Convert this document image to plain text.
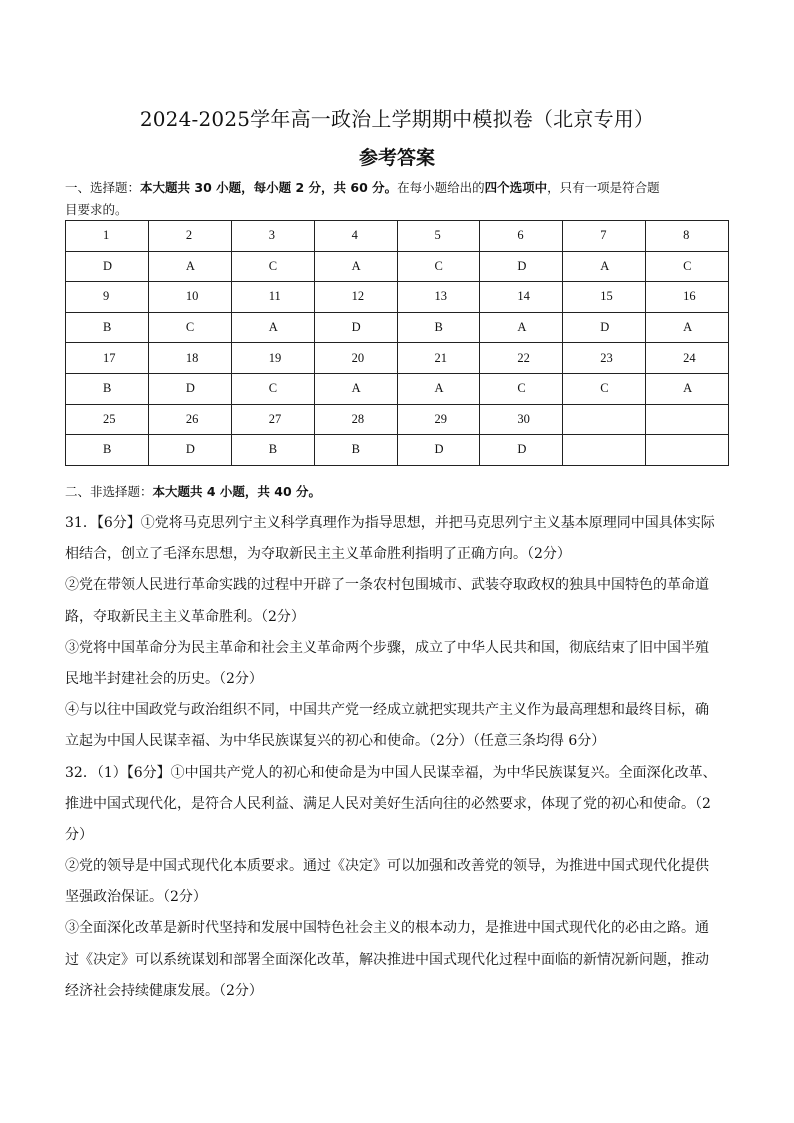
2024-2025学年高一政治上学期期中模拟卷（北京专用）
参考答案
一、选择题：本大题共 30 小题，每小题 2 分，共 60 分。在每小题给出的四个选项中，只有一项是符合题
目要求的。
1	2	3	4	5	6	7	8
D	A	C	A	C	D	A	C
9	10	11	12	13	14	15	16
B	C	A	D	B	A	D	A
17	18	19	20	21	22	23	24
B	D	C	A	A	C	C	A
25	26	27	28	29	30		
B	D	B	B	D	D		
二、非选择题：本大题共 4 小题，共 40 分。
31．【6分】①党将马克思列宁主义科学真理作为指导思想，并把马克思列宁主义基本原理同中国具体实际
相结合，创立了毛泽东思想，为夺取新民主主义革命胜利指明了正确方向。（2分）
②党在带领人民进行革命实践的过程中开辟了一条农村包围城市、武装夺取政权的独具中国特色的革命道
路，夺取新民主主义革命胜利。（2分）
③党将中国革命分为民主革命和社会主义革命两个步骤，成立了中华人民共和国，彻底结束了旧中国半殖
民地半封建社会的历史。（2分）
④与以往中国政党与政治组织不同，中国共产党一经成立就把实现共产主义作为最高理想和最终目标，确
立起为中国人民谋幸福、为中华民族谋复兴的初心和使命。（2分）（任意三条均得 6分）
32．（1）【6分】①中国共产党人的初心和使命是为中国人民谋幸福，为中华民族谋复兴。全面深化改革、
推进中国式现代化，是符合人民利益、满足人民对美好生活向往的必然要求，体现了党的初心和使命。（2
分）
②党的领导是中国式现代化本质要求。通过《决定》可以加强和改善党的领导，为推进中国式现代化提供
坚强政治保证。（2分）
③全面深化改革是新时代坚持和发展中国特色社会主义的根本动力，是推进中国式现代化的必由之路。通
过《决定》可以系统谋划和部署全面深化改革，解决推进中国式现代化过程中面临的新情况新问题，推动
经济社会持续健康发展。（2分）
